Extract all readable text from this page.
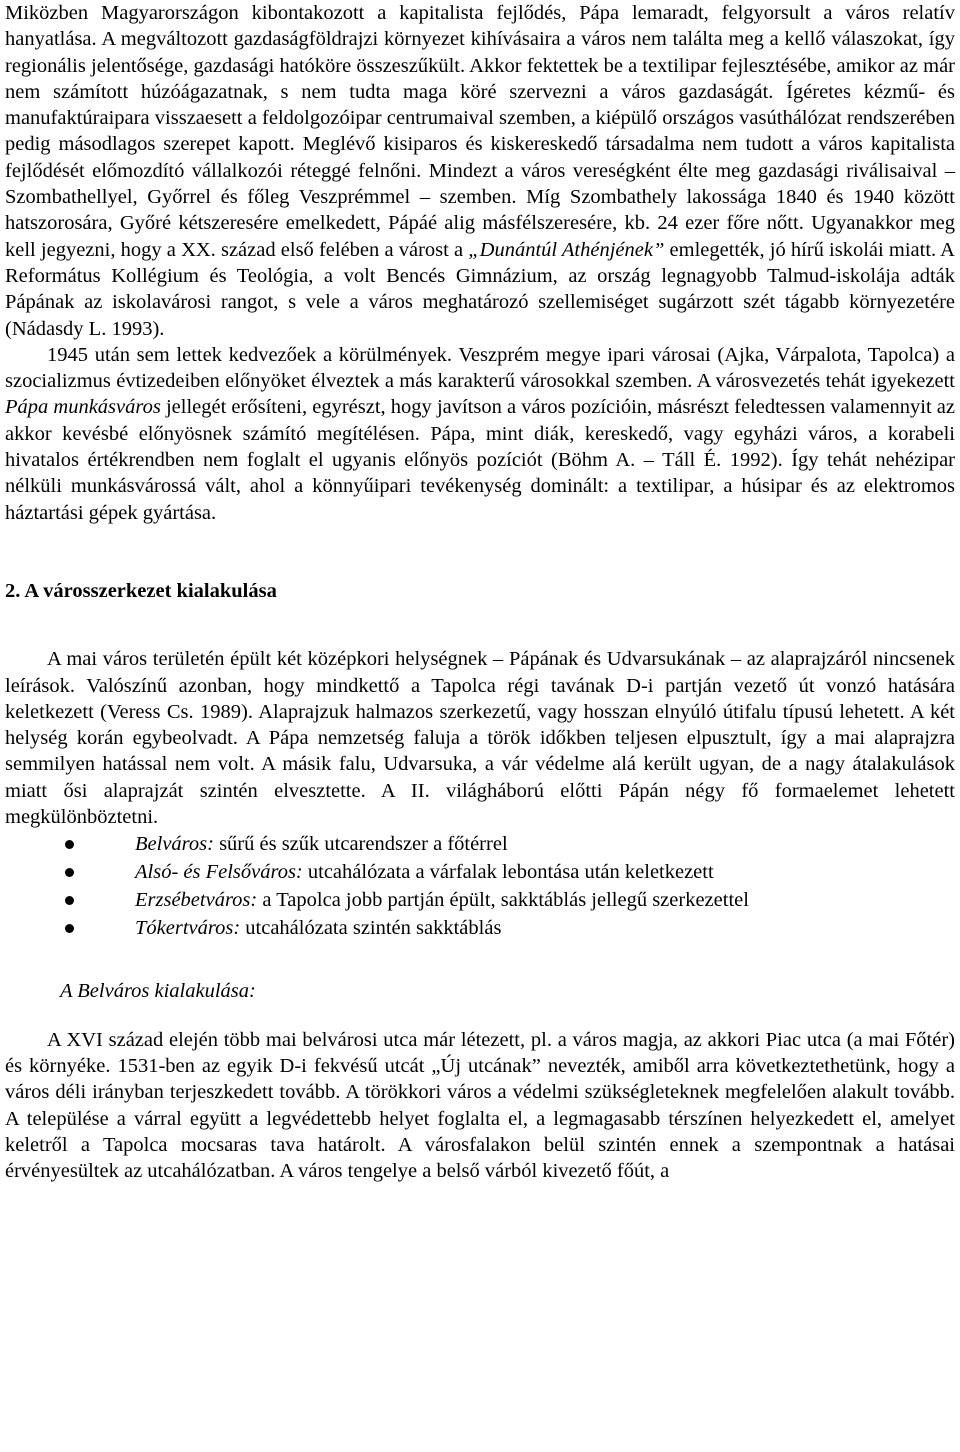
Miközben Magyarországon kibontakozott a kapitalista fejlődés, Pápa lemaradt, felgyorsult a város relatív hanyatlása. A megváltozott gazdaságföldrajzi környezet kihívásaira a város nem találta meg a kellő válaszokat, így regionális jelentősége, gazdasági hatóköre összeszűkült. Akkor fektettek be a textilipar fejlesztésébe, amikor az már nem számított húzóágazatnak, s nem tudta maga köré szervezni a város gazdaságát. Ígéretes kézmű- és manufaktúraipara visszaesett a feldolgozóipar centrumaival szemben, a kiépülő országos vasúthálózat rendszerében pedig másodlagos szerepet kapott. Meglévő kisiparos és kiskereskedő társadalma nem tudott a város kapitalista fejlődését előmozdító vállalkozói réteggé felnőni. Mindezt a város vereségként élte meg gazdasági riválisaival – Szombathellyel, Győrrel és főleg Veszprémmel – szemben. Míg Szombathely lakossága 1840 és 1940 között hatszorosára, Győré kétszeresére emelkedett, Pápáé alig másfélszeresére, kb. 24 ezer főre nőtt. Ugyanakkor meg kell jegyezni, hogy a XX. század első felében a várost a „Dunántúl Athénjének” emlegették, jó hírű iskolái miatt. A Református Kollégium és Teológia, a volt Bencés Gimnázium, az ország legnagyobb Talmud-iskolája adták Pápának az iskolavárosi rangot, s vele a város meghatározó szellemiséget sugárzott szét tágabb környezetére (Nádasdy L. 1993).

1945 után sem lettek kedvezőek a körülmények. Veszprém megye ipari városai (Ajka, Várpalota, Tapolca) a szocializmus évtizedeiben előnyöket élveztek a más karakterű városokkal szemben. A városvezetés tehát igyekezett Pápa munkásváros jellegét erősíteni, egyrészt, hogy javítson a város pozícióin, másrészt feledtessen valamennyit az akkor kevésbé előnyösnek számító megítélésen. Pápa, mint diák, kereskedő, vagy egyházi város, a korabeli hivatalos értékrendben nem foglalt el ugyanis előnyös pozíciót (Böhm A. – Táll É. 1992). Így tehát nehézipar nélküli munkásvárossá vált, ahol a könnyűipari tevékenység dominált: a textilipar, a húsipar és az elektromos háztartási gépek gyártása.

2. A városszerkezet kialakulása

A mai város területén épült két középkori helységnek – Pápának és Udvarsukának – az alaprajzáról nincsenek leírások. Valószínű azonban, hogy mindkettő a Tapolca régi tavának D-i partján vezető út vonzó hatására keletkezett (Veress Cs. 1989). Alaprajzuk halmazos szerkezetű, vagy hosszan elnyúló útifalu típusú lehetett. A két helység korán egybeolvadt. A Pápa nemzetség faluja a török időkben teljesen elpusztult, így a mai alaprajzra semmilyen hatással nem volt. A másik falu, Udvarsuka, a vár védelme alá került ugyan, de a nagy átalakulások miatt ősi alaprajzát szintén elvesztette. A II. világháború előtti Pápán négy fő formaelemet lehetett megkülönböztetni.

Belváros: sűrű és szűk utcarendszer a főtérrel
Alsó- és Felsőváros: utcahálózata a várfalak lebontása után keletkezett
Erzsébetváros: a Tapolca jobb partján épült, sakktáblás jellegű szerkezettel
Tókertváros: utcahálózata szintén sakktáblás

A Belváros kialakulása:

A XVI század elején több mai belvárosi utca már létezett, pl. a város magja, az akkori Piac utca (a mai Főtér) és környéke. 1531-ben az egyik D-i fekvésű utcát „Új utcának” nevezték, amiből arra következtethetünk, hogy a város déli irányban terjeszkedett tovább. A törökkori város a védelmi szükségleteknek megfelelően alakult tovább. A települése a várral együtt a legvédettebb helyet foglalta el, a legmagasabb térszínen helyezkedett el, amelyet keletről a Tapolca mocsaras tava határolt. A városfalakon belül szintén ennek a szempontnak a hatásai érvényesültek az utcahálózatban. A város tengelye a belső várból kivezető főút, a
